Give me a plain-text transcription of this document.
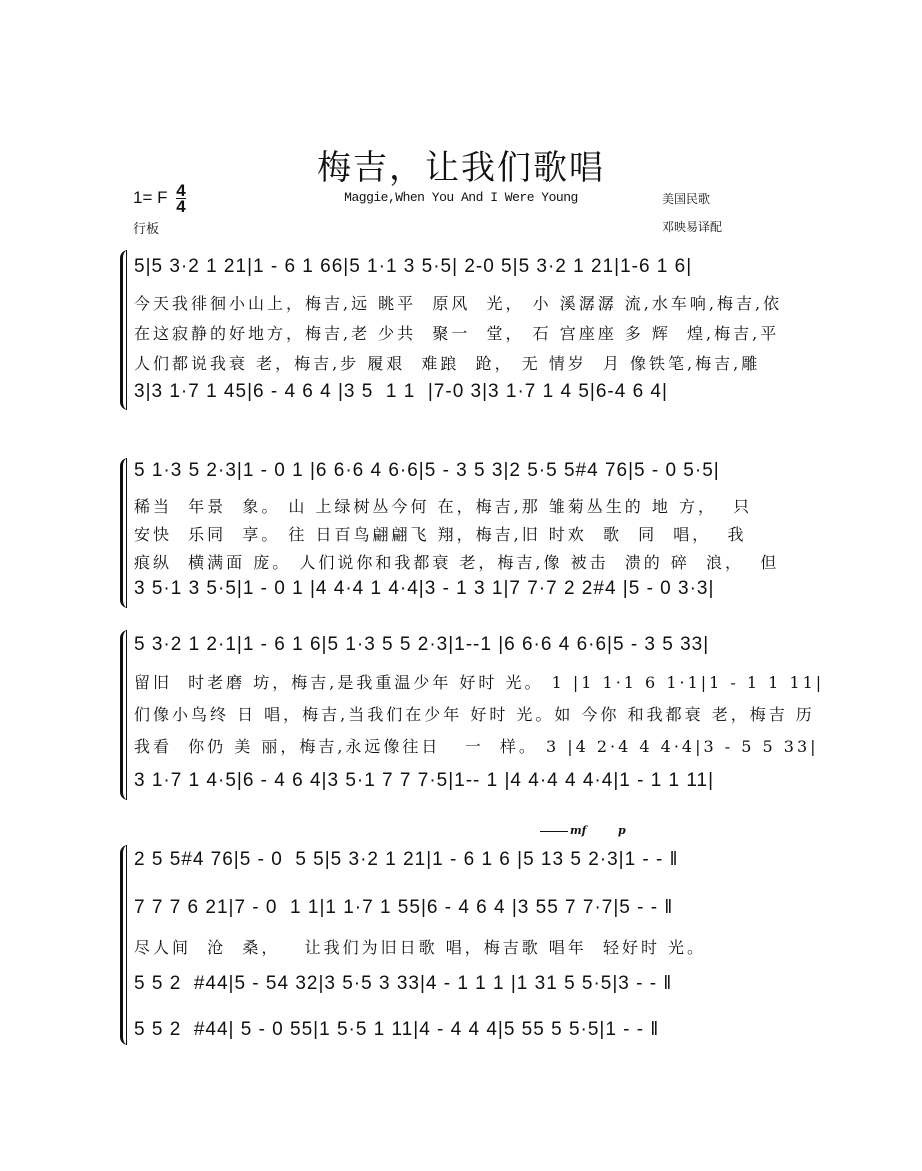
梅吉，让我们歌唱
1= F $\frac{4}{4}$	Maggie,When You And I Were Young	美国民歌
行板	邓映易译配
5|5 3·2 1 21|1 - 6 1 66|5 1·1 3 5·5| 2-0 5|5 3·2 1 21|1-6 1 6|
今天我徘徊小山上，梅吉,远 眺平  原风  光， 小 溪潺潺 流,水车响,梅吉,依
在这寂静的好地方，梅吉,老 少共  聚一  堂， 石 宫座座 多 辉  煌,梅吉,平
人们都说我衰 老，梅吉,步 履艰  难踉  跄， 无 情岁  月 像铁笔,梅吉,雕
3|3 1·7 1 45|6 - 4 6 4 |3 5  1 1  |7-0 3|3 1·7 1 4 5|6-4 6 4|
5 1·3 5 2·3|1 - 0 1 |6 6·6 4 6·6|5 - 3 5 3|2 5·5 5#4 76|5 - 0 5·5|
稀当  年景  象。 山 上绿树丛今何 在，梅吉,那 雏菊丛生的 地 方，  只
安快  乐同  享。 往 日百鸟翩翩飞 翔，梅吉,旧 时欢  歌  同  唱，  我
痕纵  横满面 庞。 人们说你和我都衰 老，梅吉,像 被击  溃的 碎  浪，  但
3 5·1 3 5·5|1 - 0 1 |4 4·4 1 4·4|3 - 1 3 1|7 7·7 2 2#4 |5 - 0 3·3|
5 3·2 1 2·1|1 - 6 1 6|5 1·3 5 5 2·3|1--1 |6 6·6 4 6·6|5 - 3 5 33|
留旧  时老磨 坊，梅吉,是我重温少年 好时 光。 1 |1 1·1 6 1·1|1 - 1 1 11|
们像小鸟终 日 唱，梅吉,当我们在少年 好时 光。如 今你 和我都衰 老，梅吉 历
我看  你仍 美 丽，梅吉,永远像往日   一  样。 3 |4 2·4 4 4·4|3 - 5 5 33|
3 1·7 1 4·5|6 - 4 6 4|3 5·1 7 7 7·5|1-- 1 |4 4·4 4 4·4|1 - 1 1 11|
mf	p
2 5 5#4 76|5 - 0  5 5|5 3·2 1 21|1 - 6 1 6 |5 13 5 2·3|1 - - ‖
7 7 7 6 21|7 - 0  1 1|1 1·7 1 55|6 - 4 6 4 |3 55 7 7·7|5 - - ‖
尽人间  沧  桑，   让我们为旧日歌 唱，梅吉歌 唱年  轻好时 光。
5 5 2  #44|5 - 54 32|3 5·5 3 33|4 - 1 1 1 |1 31 5 5·5|3 - - ‖
5 5 2  #44| 5 - 0 55|1 5·5 1 11|4 - 4 4 4|5 55 5 5·5|1 - - ‖
